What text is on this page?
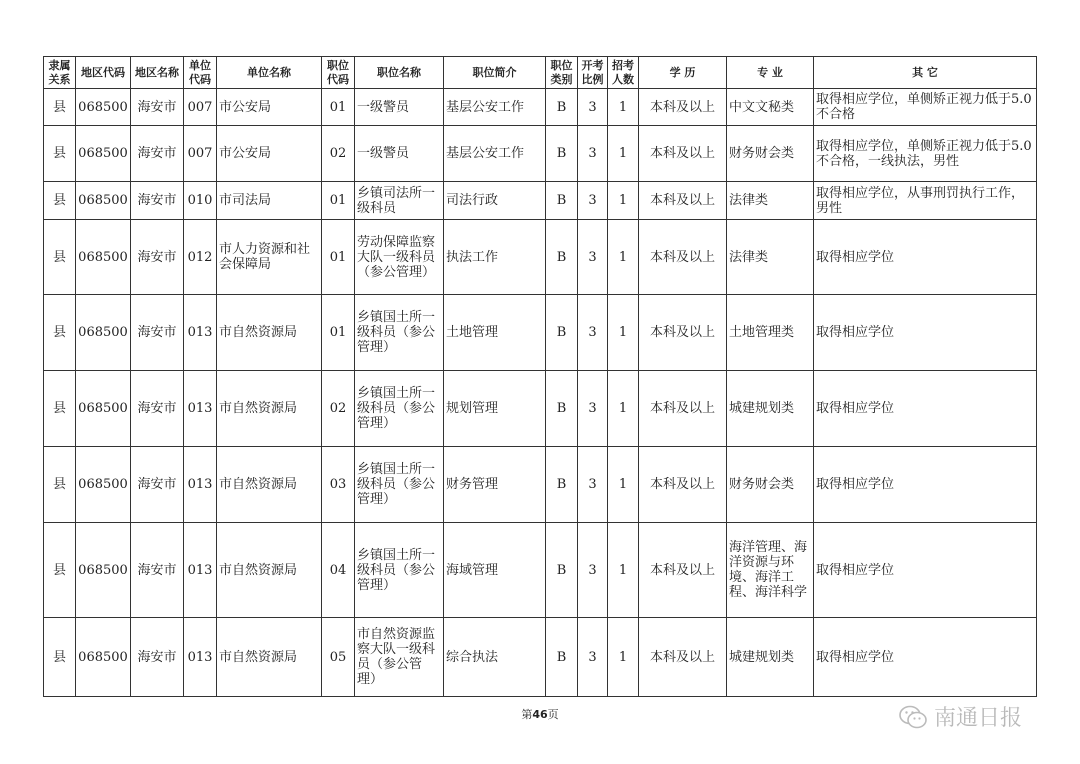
隶属关系	地区代码	地区名称	单位代码	单位名称	职位代码	职位名称	职位简介	职位类别	开考比例	招考人数	学 历	专 业	其 它
县	068500	海安市	007	市公安局	01	一级警员	基层公安工作	B	3	1	本科及以上	中文文秘类	取得相应学位，单侧矫正视力低于5.0不合格
县	068500	海安市	007	市公安局	02	一级警员	基层公安工作	B	3	1	本科及以上	财务财会类	取得相应学位，单侧矫正视力低于5.0不合格，一线执法，男性
县	068500	海安市	010	市司法局	01	乡镇司法所一级科员	司法行政	B	3	1	本科及以上	法律类	取得相应学位，从事刑罚执行工作，男性
县	068500	海安市	012	市人力资源和社会保障局	01	劳动保障监察大队一级科员（参公管理）	执法工作	B	3	1	本科及以上	法律类	取得相应学位
县	068500	海安市	013	市自然资源局	01	乡镇国土所一级科员（参公管理）	土地管理	B	3	1	本科及以上	土地管理类	取得相应学位
县	068500	海安市	013	市自然资源局	02	乡镇国土所一级科员（参公管理）	规划管理	B	3	1	本科及以上	城建规划类	取得相应学位
县	068500	海安市	013	市自然资源局	03	乡镇国土所一级科员（参公管理）	财务管理	B	3	1	本科及以上	财务财会类	取得相应学位
县	068500	海安市	013	市自然资源局	04	乡镇国土所一级科员（参公管理）	海域管理	B	3	1	本科及以上	海洋管理、海洋资源与环境、海洋工程、海洋科学	取得相应学位
县	068500	海安市	013	市自然资源局	05	市自然资源监察大队一级科员（参公管理）	综合执法	B	3	1	本科及以上	城建规划类	取得相应学位
第46页	南通日报
